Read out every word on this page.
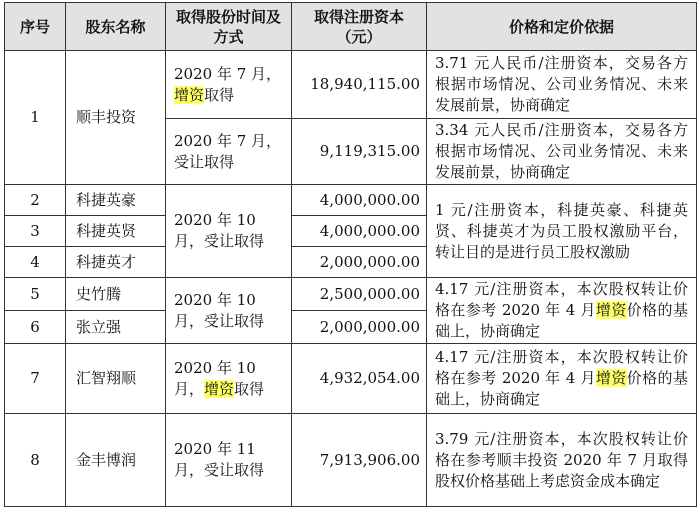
序号	股东名称	取得股份时间及方式	取得注册资本（元）	价格和定价依据
1	顺丰投资	2020 年 7 月，增资取得	18,940,115.00	3.71 元人民币/注册资本，交易各方根据市场情况、公司业务情况、未来发展前景，协商确定
		2020 年 7 月，受让取得	9,119,315.00	3.34 元人民币/注册资本，交易各方根据市场情况、公司业务情况、未来发展前景，协商确定
2	科捷英豪	2020 年 10 月，受让取得	4,000,000.00	1 元/注册资本，科捷英豪、科捷英贤、科捷英才为员工股权激励平台，转让目的是进行员工股权激励
3	科捷英贤		4,000,000.00	
4	科捷英才		2,000,000.00	
5	史竹腾	2020 年 10 月，受让取得	2,500,000.00	4.17 元/注册资本，本次股权转让价格在参考 2020 年 4 月增资价格的基础上，协商确定
6	张立强		2,000,000.00	
7	汇智翔顺	2020 年 10 月，增资取得	4,932,054.00	4.17 元/注册资本，本次股权转让价格在参考 2020 年 4 月增资价格的基础上，协商确定
8	金丰博润	2020 年 11 月，受让取得	7,913,906.00	3.79 元/注册资本，本次股权转让价格在参考顺丰投资 2020 年 7 月取得股权价格基础上考虑资金成本确定
